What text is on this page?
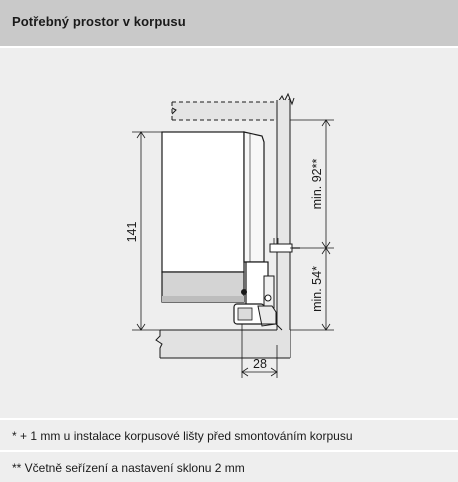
Potřebný prostor v korpusu
141
min. 92**
min. 54*
28
* + 1 mm u instalace korpusové lišty před smontováním korpusu
** Včetně seřízení a nastavení sklonu 2 mm
